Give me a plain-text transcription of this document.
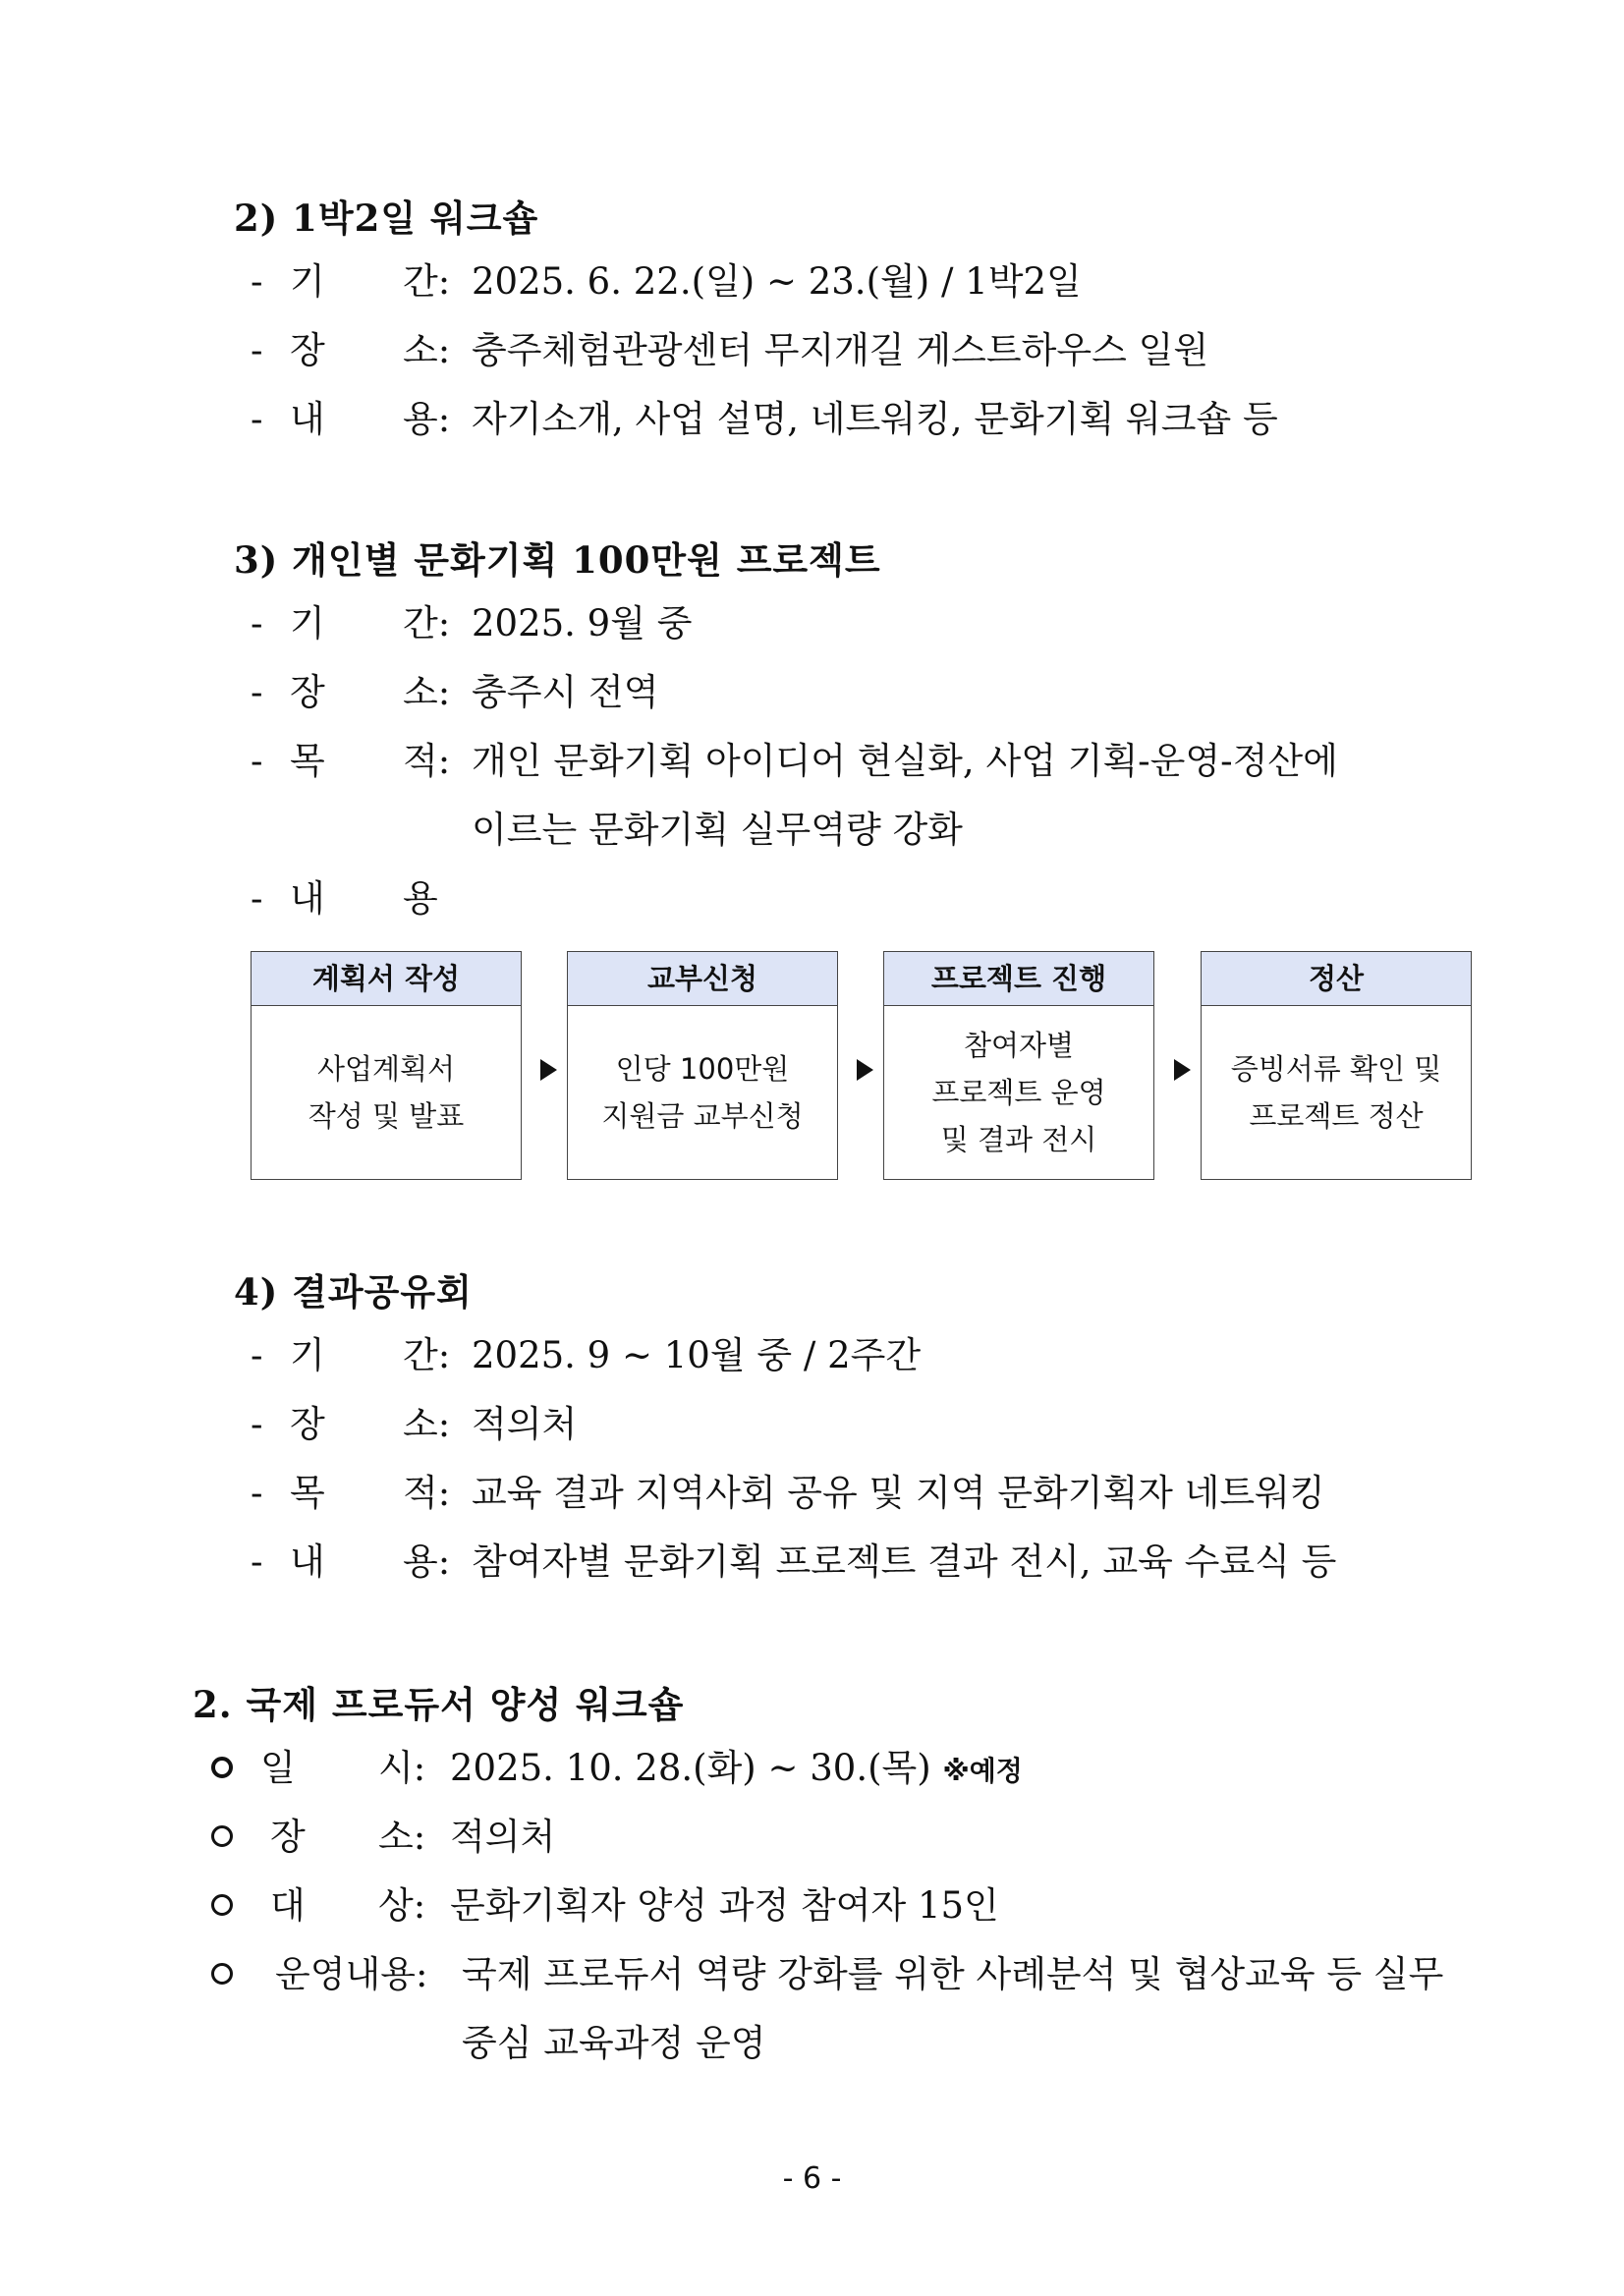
2) 1박2일 워크숍
- 기 간: 2025. 6. 22.(일) ~ 23.(월) / 1박2일
- 장 소: 충주체험관광센터 무지개길 게스트하우스 일원
- 내 용: 자기소개, 사업 설명, 네트워킹, 문화기획 워크숍 등
3) 개인별 문화기획 100만원 프로젝트
- 기 간: 2025. 9월 중
- 장 소: 충주시 전역
- 목 적: 개인 문화기획 아이디어 현실화, 사업 기획-운영-정산에
이르는 문화기획 실무역량 강화
- 내 용
계획서 작성
사업계획서
작성 및 발표
교부신청
인당 100만원
지원금 교부신청
프로젝트 진행
참여자별
프로젝트 운영
및 결과 전시
정산
증빙서류 확인 및
프로젝트 정산
4) 결과공유회
- 기 간: 2025. 9 ~ 10월 중 / 2주간
- 장 소: 적의처
- 목 적: 교육 결과 지역사회 공유 및 지역 문화기획자 네트워킹
- 내 용: 참여자별 문화기획 프로젝트 결과 전시, 교육 수료식 등
2. 국제 프로듀서 양성 워크숍
일 시: 2025. 10. 28.(화) ~ 30.(목) ※예정
장 소: 적의처
대 상: 문화기획자 양성 과정 참여자 15인
운영내용: 국제 프로듀서 역량 강화를 위한 사례분석 및 협상교육 등 실무
중심 교육과정 운영
- 6 -
